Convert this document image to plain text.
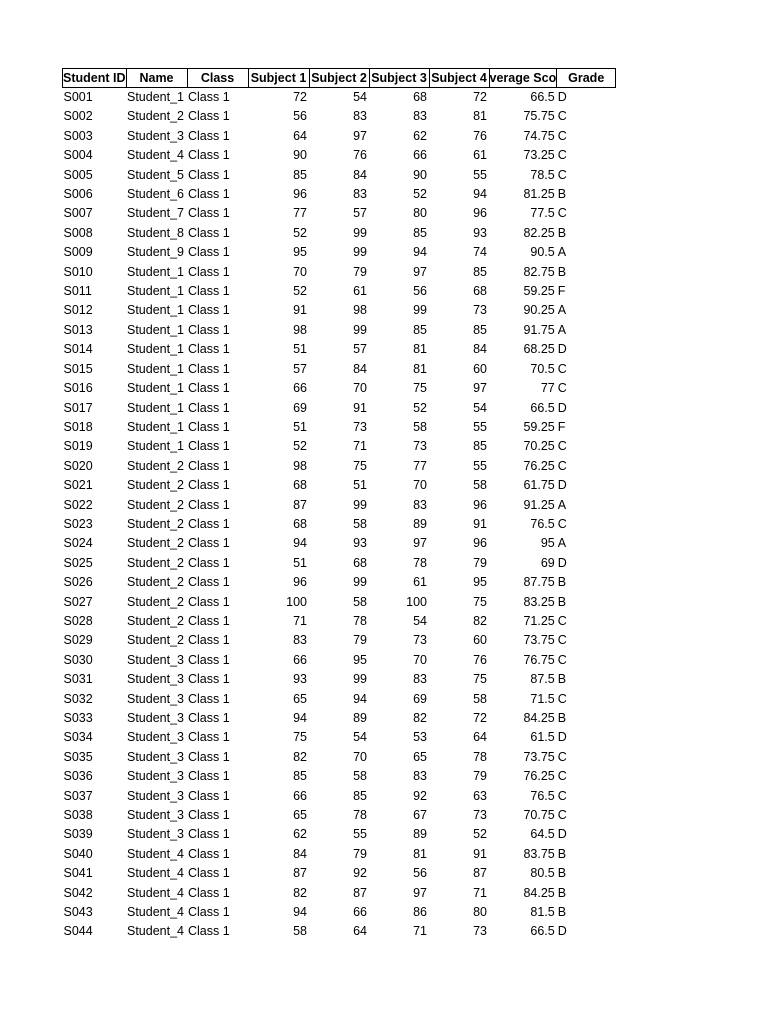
Student ID	Name	Class	Subject 1	Subject 2	Subject 3	Subject 4	verage Sco	Grade
S001	Student_1	Class 1	72	54	68	72	66.5	D
S002	Student_2	Class 1	56	83	83	81	75.75	C
S003	Student_3	Class 1	64	97	62	76	74.75	C
S004	Student_4	Class 1	90	76	66	61	73.25	C
S005	Student_5	Class 1	85	84	90	55	78.5	C
S006	Student_6	Class 1	96	83	52	94	81.25	B
S007	Student_7	Class 1	77	57	80	96	77.5	C
S008	Student_8	Class 1	52	99	85	93	82.25	B
S009	Student_9	Class 1	95	99	94	74	90.5	A
S010	Student_1	Class 1	70	79	97	85	82.75	B
S011	Student_1	Class 1	52	61	56	68	59.25	F
S012	Student_1	Class 1	91	98	99	73	90.25	A
S013	Student_1	Class 1	98	99	85	85	91.75	A
S014	Student_1	Class 1	51	57	81	84	68.25	D
S015	Student_1	Class 1	57	84	81	60	70.5	C
S016	Student_1	Class 1	66	70	75	97	77	C
S017	Student_1	Class 1	69	91	52	54	66.5	D
S018	Student_1	Class 1	51	73	58	55	59.25	F
S019	Student_1	Class 1	52	71	73	85	70.25	C
S020	Student_2	Class 1	98	75	77	55	76.25	C
S021	Student_2	Class 1	68	51	70	58	61.75	D
S022	Student_2	Class 1	87	99	83	96	91.25	A
S023	Student_2	Class 1	68	58	89	91	76.5	C
S024	Student_2	Class 1	94	93	97	96	95	A
S025	Student_2	Class 1	51	68	78	79	69	D
S026	Student_2	Class 1	96	99	61	95	87.75	B
S027	Student_2	Class 1	100	58	100	75	83.25	B
S028	Student_2	Class 1	71	78	54	82	71.25	C
S029	Student_2	Class 1	83	79	73	60	73.75	C
S030	Student_3	Class 1	66	95	70	76	76.75	C
S031	Student_3	Class 1	93	99	83	75	87.5	B
S032	Student_3	Class 1	65	94	69	58	71.5	C
S033	Student_3	Class 1	94	89	82	72	84.25	B
S034	Student_3	Class 1	75	54	53	64	61.5	D
S035	Student_3	Class 1	82	70	65	78	73.75	C
S036	Student_3	Class 1	85	58	83	79	76.25	C
S037	Student_3	Class 1	66	85	92	63	76.5	C
S038	Student_3	Class 1	65	78	67	73	70.75	C
S039	Student_3	Class 1	62	55	89	52	64.5	D
S040	Student_4	Class 1	84	79	81	91	83.75	B
S041	Student_4	Class 1	87	92	56	87	80.5	B
S042	Student_4	Class 1	82	87	97	71	84.25	B
S043	Student_4	Class 1	94	66	86	80	81.5	B
S044	Student_4	Class 1	58	64	71	73	66.5	D
